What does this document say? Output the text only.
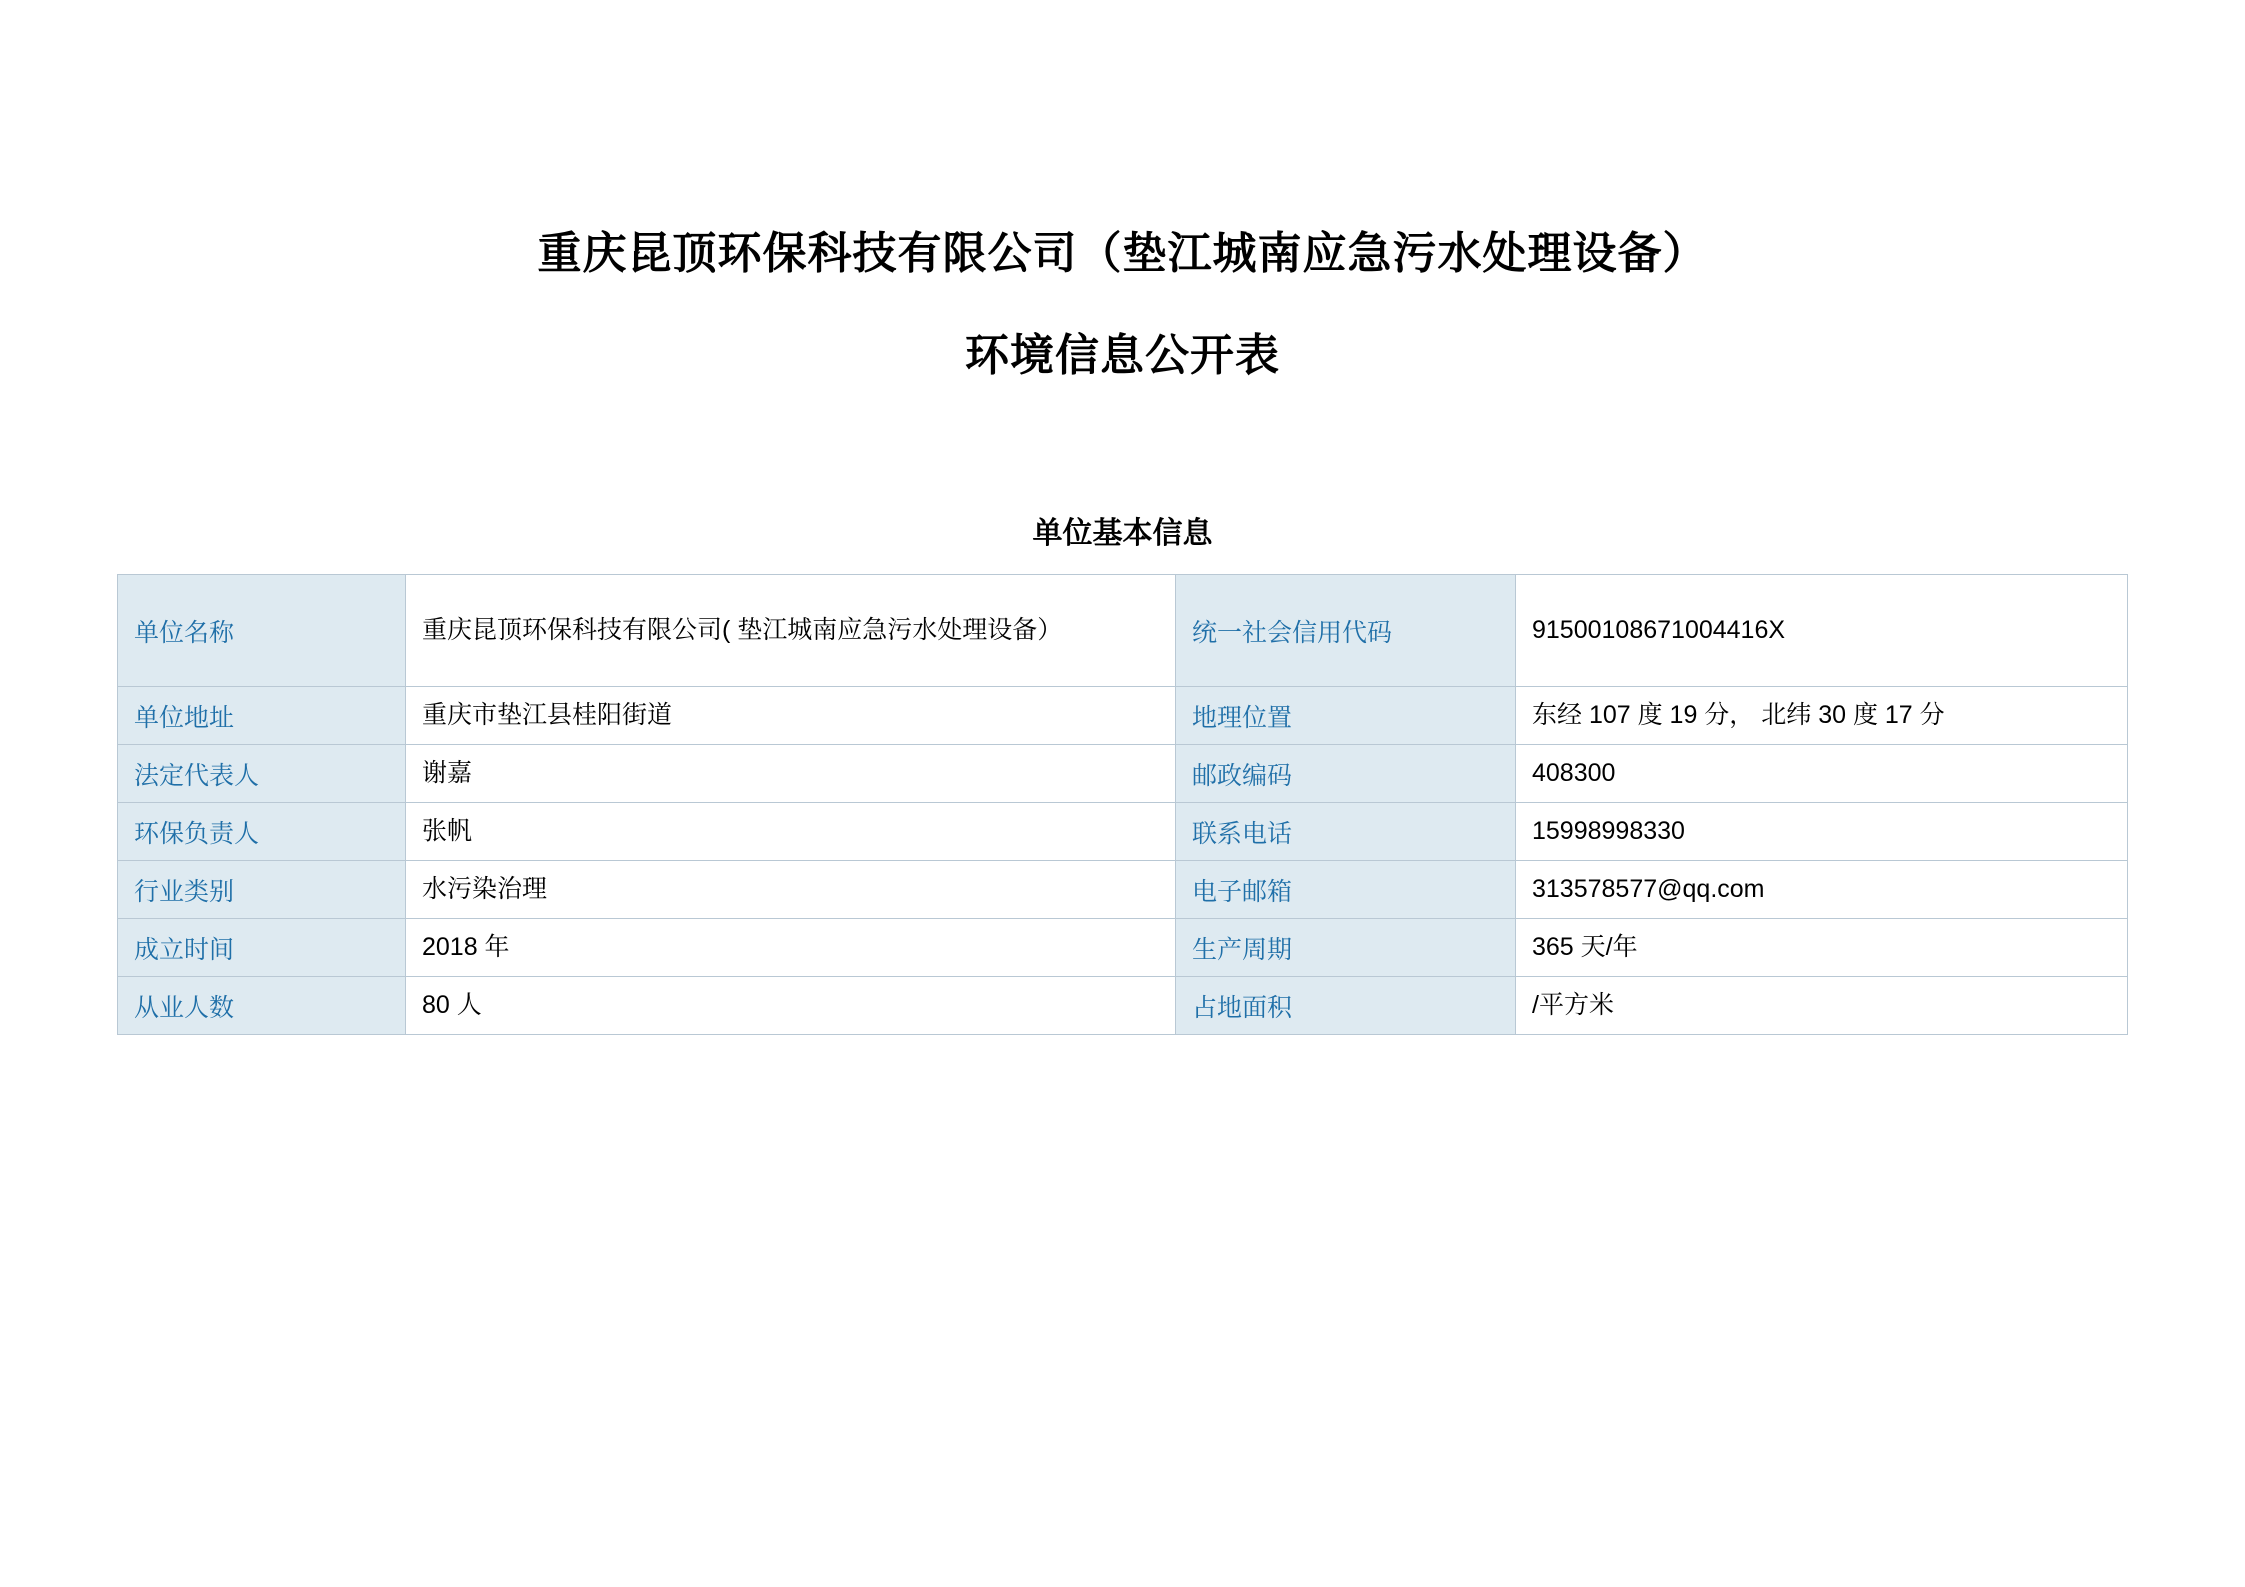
重庆昆顶环保科技有限公司（垫江城南应急污水处理设备）
环境信息公开表
单位基本信息
单位名称	重庆昆顶环保科技有限公司( 垫江城南应急污水处理设备）	统一社会信用代码	91500108671004416X
单位地址	重庆市垫江县桂阳街道	地理位置	东经 107 度 19 分， 北纬 30 度 17 分
法定代表人	谢嘉	邮政编码	408300
环保负责人	张帆	联系电话	15998998330
行业类别	水污染治理	电子邮箱	313578577@qq.com
成立时间	2018 年	生产周期	365 天/年
从业人数	80 人	占地面积	/平方米
